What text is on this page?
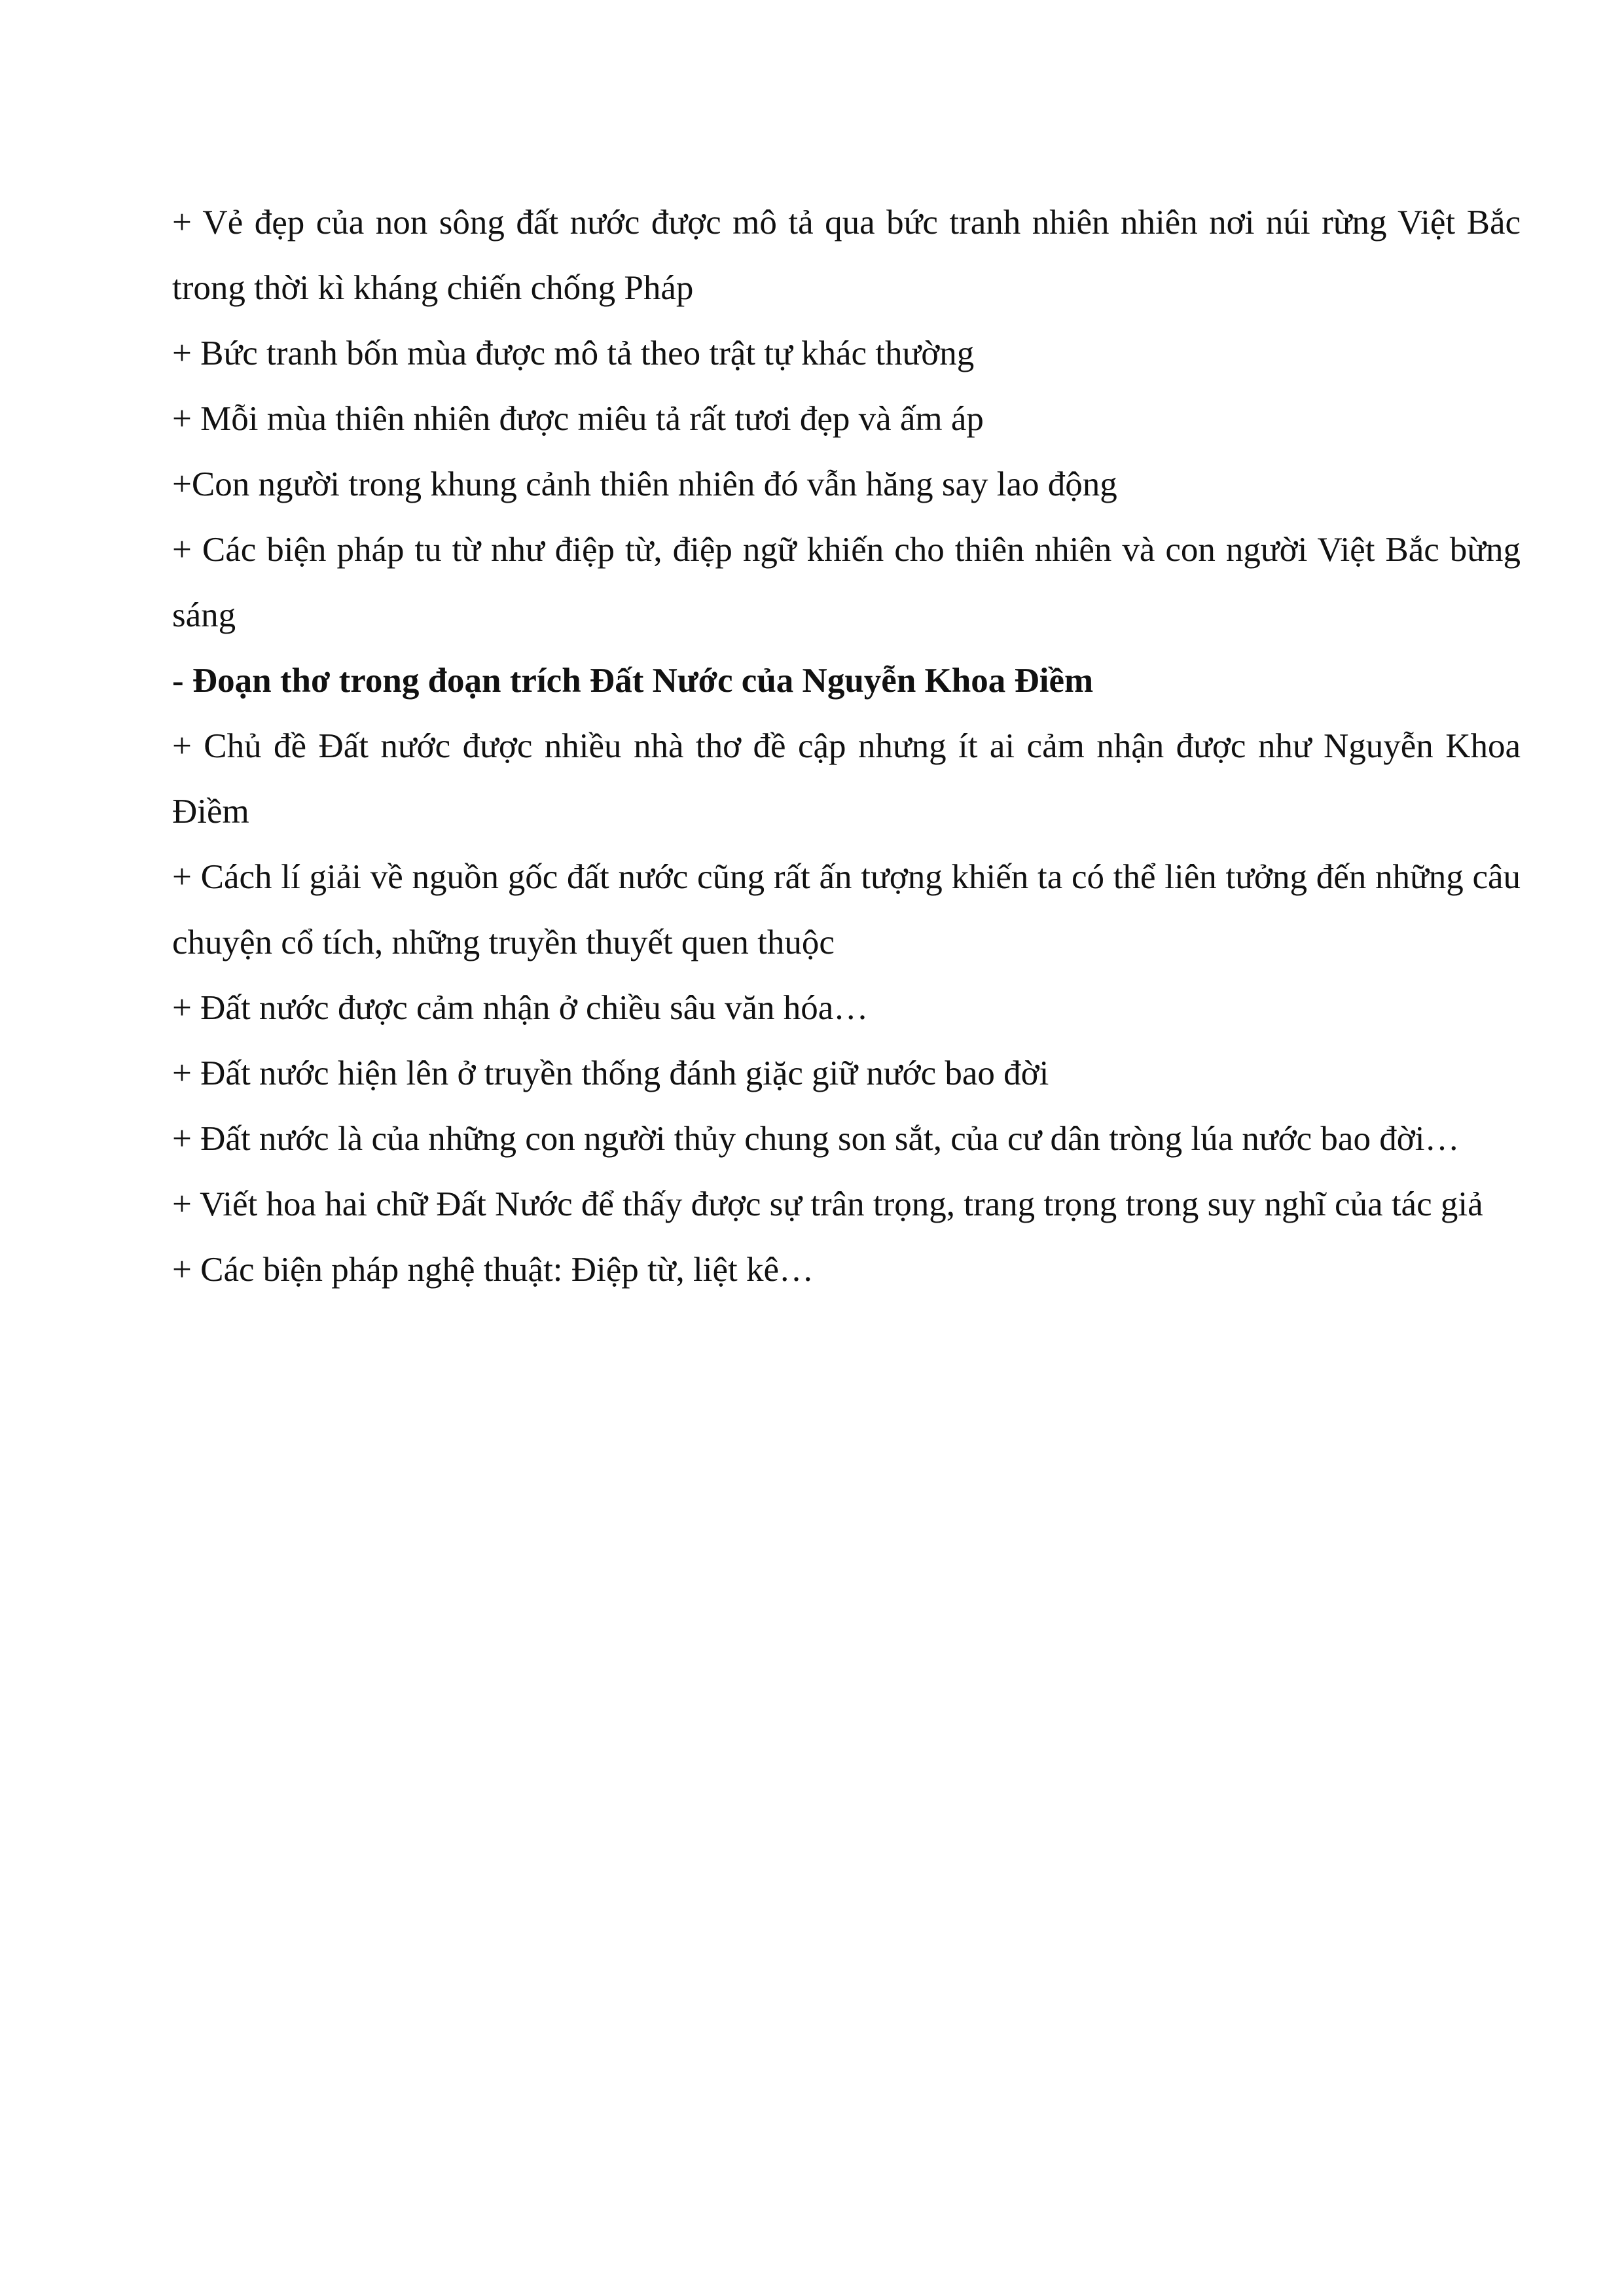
+ Vẻ đẹp của non sông đất nước được mô tả qua bức tranh nhiên nhiên nơi núi rừng Việt Bắc trong thời kì kháng chiến chống Pháp

+ Bức tranh bốn mùa được mô tả theo trật tự khác thường

+ Mỗi mùa thiên nhiên được miêu tả rất tươi đẹp và ấm áp

+Con người trong khung cảnh thiên nhiên đó vẫn hăng say lao động

+ Các biện pháp tu từ như điệp từ, điệp ngữ khiến cho thiên nhiên và con người Việt Bắc bừng sáng

- Đoạn thơ trong đoạn trích Đất Nước của Nguyễn Khoa Điềm

+ Chủ đề Đất nước được nhiều nhà thơ đề cập nhưng ít ai cảm nhận được như Nguyễn Khoa Điềm

+ Cách lí giải về nguồn gốc đất nước cũng rất ấn tượng khiến ta có thể liên tưởng đến những câu chuyện cổ tích, những truyền thuyết quen thuộc

+ Đất nước được cảm nhận ở chiều sâu văn hóa…

+ Đất nước hiện lên ở truyền thống đánh giặc giữ nước bao đời

+ Đất nước là của những con người thủy chung son sắt, của cư dân tròng lúa nước bao đời…

+ Viết hoa hai chữ Đất Nước để thấy được sự trân trọng, trang trọng trong suy nghĩ của tác giả

+ Các biện pháp nghệ thuật: Điệp từ, liệt kê…
